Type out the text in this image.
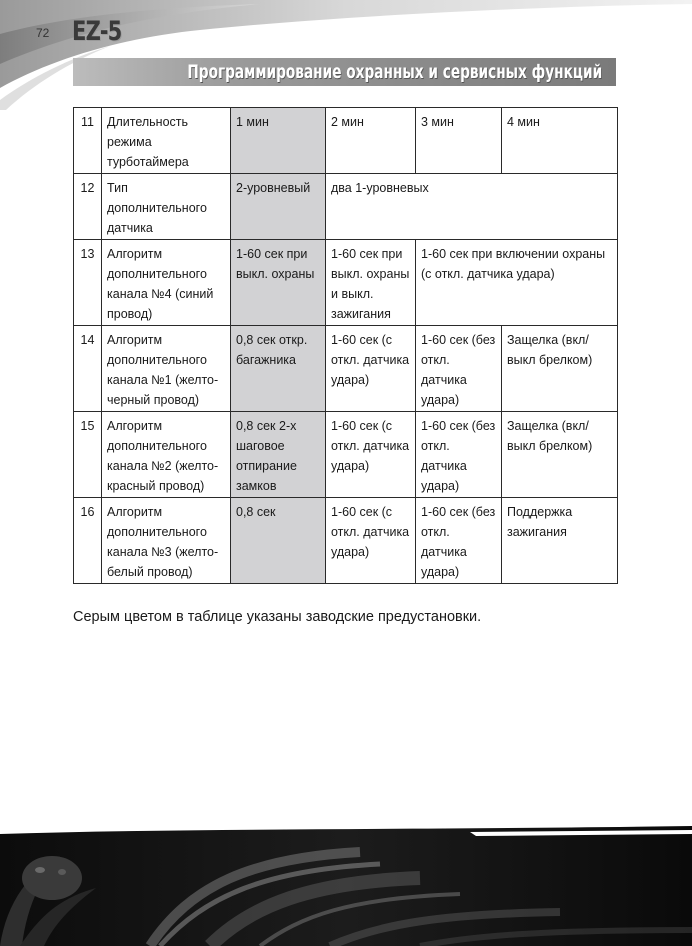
72 EZ-5
Программирование охранных и сервисных функций
11	Длительность режима турботаймера	1 мин	2 мин	3 мин	4 мин
12	Тип дополнительного датчика	2-уровневый	два 1-уровневых		
13	Алгоритм дополнительного канала №4 (синий провод)	1-60 сек при выкл. охраны	1-60 сек при выкл. охраны и выкл. зажигания	1-60 сек при включении охраны (с откл. датчика удара)	
14	Алгоритм дополнительного канала №1 (желто-черный провод)	0,8 сек откр. багажника	1-60 сек (с откл. датчика удара)	1-60 сек (без откл. датчика удара)	Защелка (вкл/выкл брелком)
15	Алгоритм дополнительного канала №2 (желто-красный провод)	0,8 сек 2-х шаговое отпирание замков	1-60 сек (с откл. датчика удара)	1-60 сек (без откл. датчика удара)	Защелка (вкл/выкл брелком)
16	Алгоритм дополнительного канала №3 (желто-белый провод)	0,8 сек	1-60 сек (с откл. датчика удара)	1-60 сек (без откл. датчика удара)	Поддержка зажигания
Серым цветом в таблице указаны заводские предустановки.
